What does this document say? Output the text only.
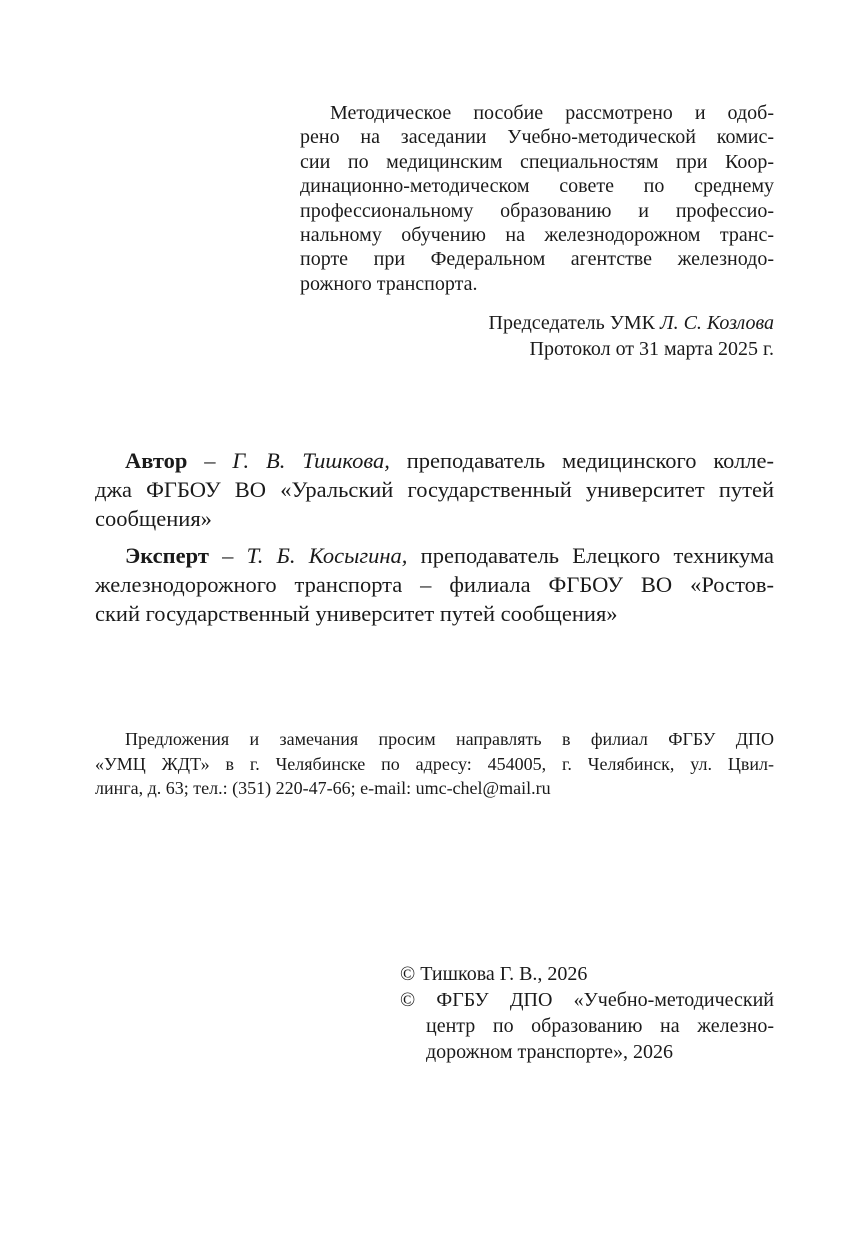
Методическое пособие рассмотрено и одоб-
рено на заседании Учебно-методической комис-
сии по медицинским специальностям при Коор-
динационно-методическом совете по среднему
профессиональному образованию и профессио-
нальному обучению на железнодорожном транс-
порте при Федеральном агентстве железнодо-
рожного транспорта.
Председатель УМК Л. С. Козлова
Протокол от 31 марта 2025 г.
Автор – Г. В. Тишкова, преподаватель медицинского колле-
джа ФГБОУ ВО «Уральский государственный университет путей
сообщения»
Эксперт – Т. Б. Косыгина, преподаватель Елецкого техникума
железнодорожного транспорта – филиала ФГБОУ ВО «Ростов-
ский государственный университет путей сообщения»
Предложения и замечания просим направлять в филиал ФГБУ ДПО
«УМЦ ЖДТ» в г. Челябинске по адресу: 454005, г. Челябинск, ул. Цвил-
линга, д. 63; тел.: (351) 220-47-66; e-mail: umc-chel@mail.ru
© Тишкова Г. В., 2026
© ФГБУ ДПО «Учебно-методический
центр по образованию на железно-
дорожном транспорте», 2026
